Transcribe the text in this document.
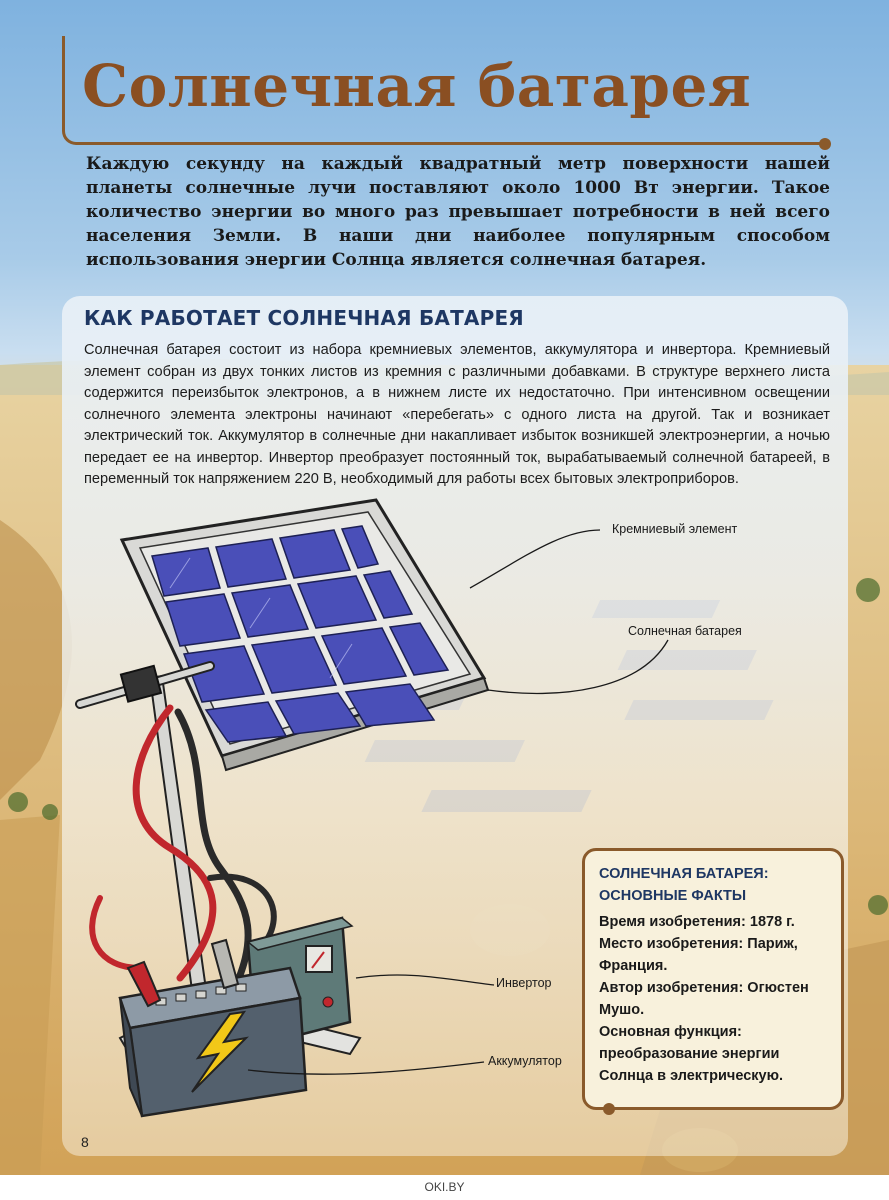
Солнечная батарея

Каждую секунду на каждый квадратный метр поверхности нашей планеты солнечные лучи поставляют около 1000 Вт энергии. Такое количество энергии во много раз превышает потребности в ней всего населения Земли. В наши дни наиболее популярным способом использования энергии Солнца является солнечная батарея.

КАК РАБОТАЕТ СОЛНЕЧНАЯ БАТАРЕЯ

Солнечная батарея состоит из набора кремниевых элементов, аккумулятора и инвертора. Кремниевый элемент собран из двух тонких листов из кремния с различными добавками. В структуре верхнего листа содержится переизбыток электронов, а в нижнем листе их недостаточно. При интенсивном освещении солнечного элемента электроны начинают «перебегать» с одного листа на другой. Так и возникает электрический ток. Аккумулятор в солнечные дни накапливает избыток возникшей электроэнергии, а ночью передает ее на инвертор. Инвертор преобразует постоянный ток, вырабатываемый солнечной батареей, в переменный ток напряжением 220 В, необходимый для работы всех бытовых электроприборов.

Кремниевый элемент
Солнечная батарея
Инвертор
Аккумулятор

СОЛНЕЧНАЯ БАТАРЕЯ:
ОСНОВНЫЕ ФАКТЫ

Время изобретения: 1878 г.

Место изобретения: Париж, Франция.

Автор изобретения: Огюстен Мушо.

Основная функция: преобразование энергии Солнца в электрическую.

8
OKI.BY
